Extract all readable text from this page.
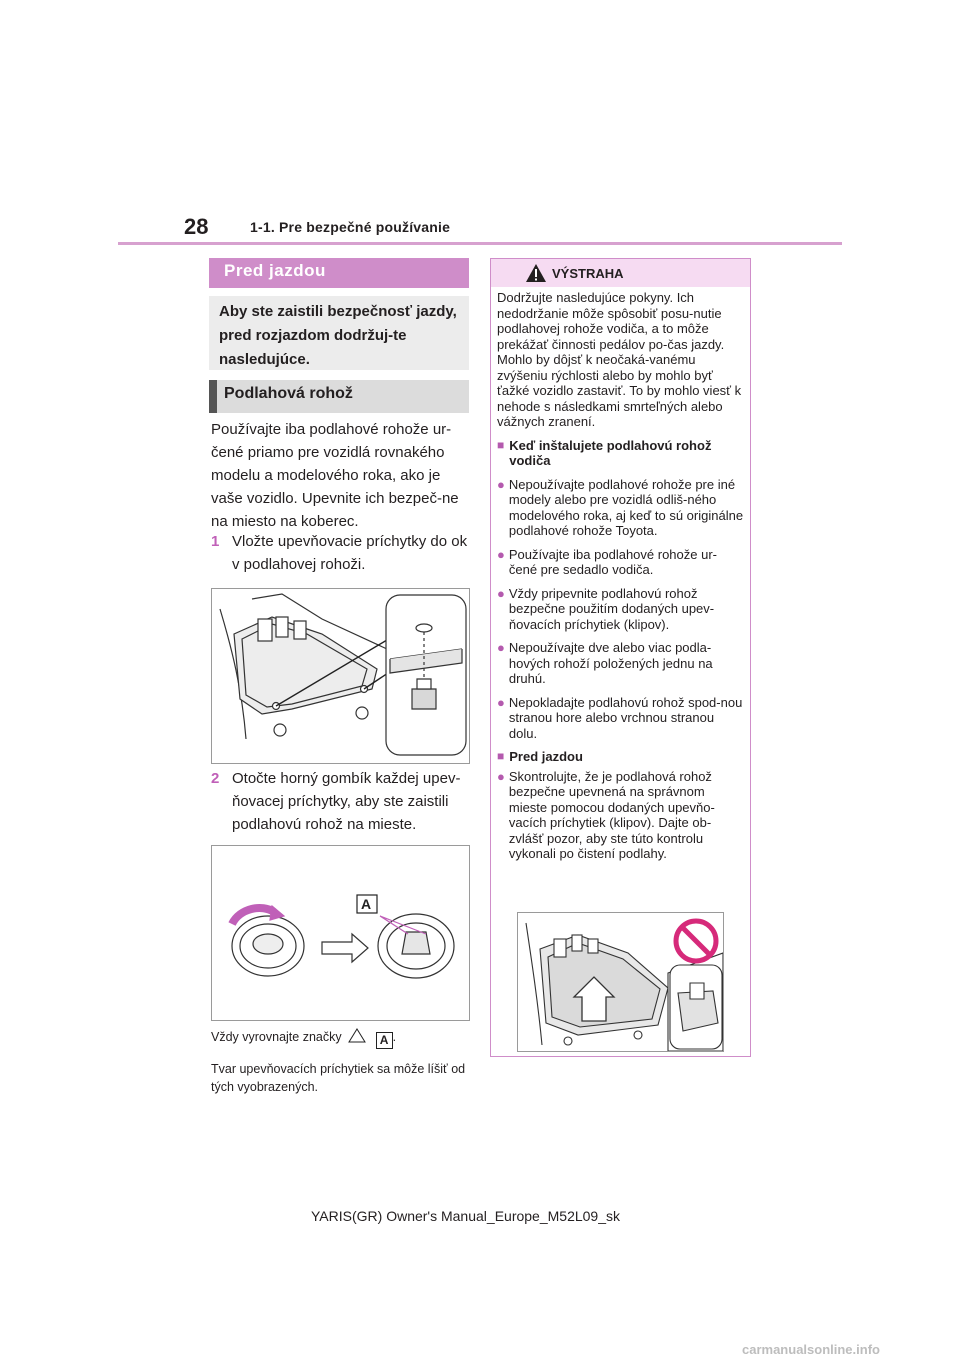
28	1-1. Pre bezpečné používanie
Pred jazdou
Aby ste zaistili bezpečnosť jazdy, pred rozjazdom dodržuj-te nasledujúce.
Podlahová rohož
Používajte iba podlahové rohože ur-čené priamo pre vozidlá rovnakého modelu a modelového roka, ako je vaše vozidlo. Upevnite ich bezpeč-ne na miesto na koberec.
1 Vložte upevňovacie príchytky do ok v podlahovej rohoži.
2 Otočte horný gombík každej upev-ňovacej príchytky, aby ste zaistili podlahovú rohož na mieste.
A
Vždy vyrovnajte značky	A .
Tvar upevňovacích príchytiek sa môže líšiť od tých vyobrazených.
VÝSTRAHA
Dodržujte nasledujúce pokyny. Ich nedodržanie môže spôsobiť posu-nutie podlahovej rohože vodiča, a to môže prekážať činnosti pedálov po-čas jazdy. Mohlo by dôjsť k neočaká-vanému zvýšeniu rýchlosti alebo by mohlo byť ťažké vozidlo zastaviť. To by mohlo viesť k nehode s následkami smrteľných alebo vážnych zranení.
■ Keď inštalujete podlahovú rohož vodiča
● Nepoužívajte podlahové rohože pre iné modely alebo pre vozidlá odliš-ného modelového roka, aj keď to sú originálne podlahové rohože Toyota.
● Používajte iba podlahové rohože ur-čené pre sedadlo vodiča.
● Vždy pripevnite podlahovú rohož bezpečne použitím dodaných upev-ňovacích príchytiek (klipov).
● Nepoužívajte dve alebo viac podla-hových rohoží položených jednu na druhú.
● Nepokladajte podlahovú rohož spod-nou stranou hore alebo vrchnou stranou dolu.
■ Pred jazdou
● Skontrolujte, že je podlahová rohož bezpečne upevnená na správnom mieste pomocou dodaných upevňo-vacích príchytiek (klipov). Dajte ob-zvlášť pozor, aby ste túto kontrolu vykonali po čistení podlahy.
YARIS(GR) Owner's Manual_Europe_M52L09_sk
carmanualsonline.info
